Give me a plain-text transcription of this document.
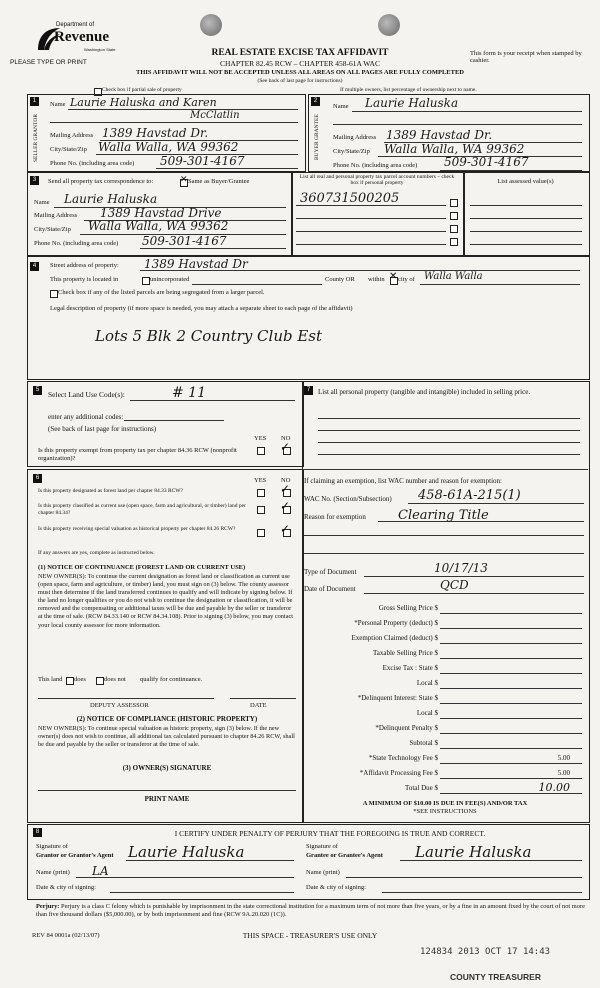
Department of
Revenue
Washington State
PLEASE TYPE OR PRINT
REAL ESTATE EXCISE TAX AFFIDAVIT
CHAPTER 82.45 RCW – CHAPTER 458-61A WAC
THIS AFFIDAVIT WILL NOT BE ACCEPTED UNLESS ALL AREAS ON ALL PAGES ARE FULLY COMPLETED
(See back of last page for instructions)
This form is your receipt when stamped by cashier.
Check box if partial sale of property	If multiple owners, list percentage of ownership next to name.
1
SELLER GRANTOR
Name Laurie Haluska and Karen
McClatlin
Mailing Address 1389 Havstad Dr.
City/State/Zip Walla Walla, WA 99362
Phone No. (including area code) 509-301-4167
2
BUYER GRANTEE
Name Laurie Haluska
Mailing Address 1389 Havstad Dr.
City/State/Zip Walla Walla, WA 99362
Phone No. (including area code) 509-301-4167
3	Send all property tax correspondence to:	✕ Same as Buyer/Grantee
Name Laurie Haluska
Mailing Address 1389 Havstad Drive
City/State/Zip Walla Walla, WA 99362
Phone No. (including area code) 509-301-4167
List all real and personal property tax parcel account numbers – check box if personal property
360731500205
List assessed value(s)
4	Street address of property: 1389 Havstad Dr
This property is located in	unincorporated	County OR within ✕ city of Walla Walla
Check box if any of the listed parcels are being segregated from a larger parcel.
Legal description of property (if more space is needed, you may attach a separate sheet to each page of the affidavit)
Lots 5 Blk 2 Country Club Est
5	Select Land Use Code(s):	# 11
enter any additional codes:
(See back of last page for instructions)
YES NO
Is this property exempt from property tax per chapter 84.36 RCW (nonprofit organization)?
✓
6	YES NO
Is this property designated as forest land per chapter 84.33 RCW?	✓
Is this property classified as current use (open space, farm and agricultural, or timber) land per chapter 84.34?	✓
Is this property receiving special valuation as historical property per chapter 84.26 RCW?	✓
If any answers are yes, complete as instructed below.
(1) NOTICE OF CONTINUANCE (FOREST LAND OR CURRENT USE)
NEW OWNER(S): To continue the current designation as forest land or classification as current use (open space, farm and agriculture, or timber) land, you must sign on (3) below. The county assessor must then determine if the land transferred continues to qualify and will indicate by signing below. If the land no longer qualifies or you do not wish to continue the designation or classification, it will be removed and the compensating or additional taxes will be due and payable by the seller or transferor at the time of sale. (RCW 84.33.140 or RCW 84.34.108). Prior to signing (3) below, you may contact your local county assessor for more information.
This land does	does not qualify for continuance.
DEPUTY ASSESSOR	DATE
(2) NOTICE OF COMPLIANCE (HISTORIC PROPERTY)
NEW OWNER(S): To continue special valuation as historic property, sign (3) below. If the new owner(s) does not wish to continue, all additional tax calculated pursuant to chapter 84.26 RCW, shall be due and payable by the seller or transferor at the time of sale.
(3) OWNER(S) SIGNATURE
PRINT NAME
7	List all personal property (tangible and intangible) included in selling price.
If claiming an exemption, list WAC number and reason for exemption:
WAC No. (Section/Subsection) 458-61A-215(1)
Reason for exemption Clearing Title
Type of Document	10/17/13
Date of Document	QCD
Gross Selling Price $
*Personal Property (deduct) $
Exemption Claimed (deduct) $
Taxable Selling Price $
Excise Tax : State $
Local $
*Delinquent Interest: State $
Local $
*Delinquent Penalty $
Subtotal $
*State Technology Fee $	5.00
*Affidavit Processing Fee $	5.00
Total Due $	10.00
A MINIMUM OF $10.00 IS DUE IN FEE(S) AND/OR TAX
*SEE INSTRUCTIONS
8	I CERTIFY UNDER PENALTY OF PERJURY THAT THE FOREGOING IS TRUE AND CORRECT.
Signature of
Grantor or Grantor's Agent Laurie Haluska
Name (print) LA
Date & city of signing:
Signature of
Grantee or Grantee's Agent Laurie Haluska
Name (print)
Date & city of signing:
Perjury: Perjury is a class C felony which is punishable by imprisonment in the state correctional institution for a maximum term of not more than five years, or by a fine in an amount fixed by the court of not more than five thousand dollars ($5,000.00), or by both imprisonment and fine (RCW 9A.20.020 (1C)).
REV 84 0001a (02/13/07)	THIS SPACE - TREASURER'S USE ONLY
124834 2013 OCT 17 14:43
COUNTY TREASURER
